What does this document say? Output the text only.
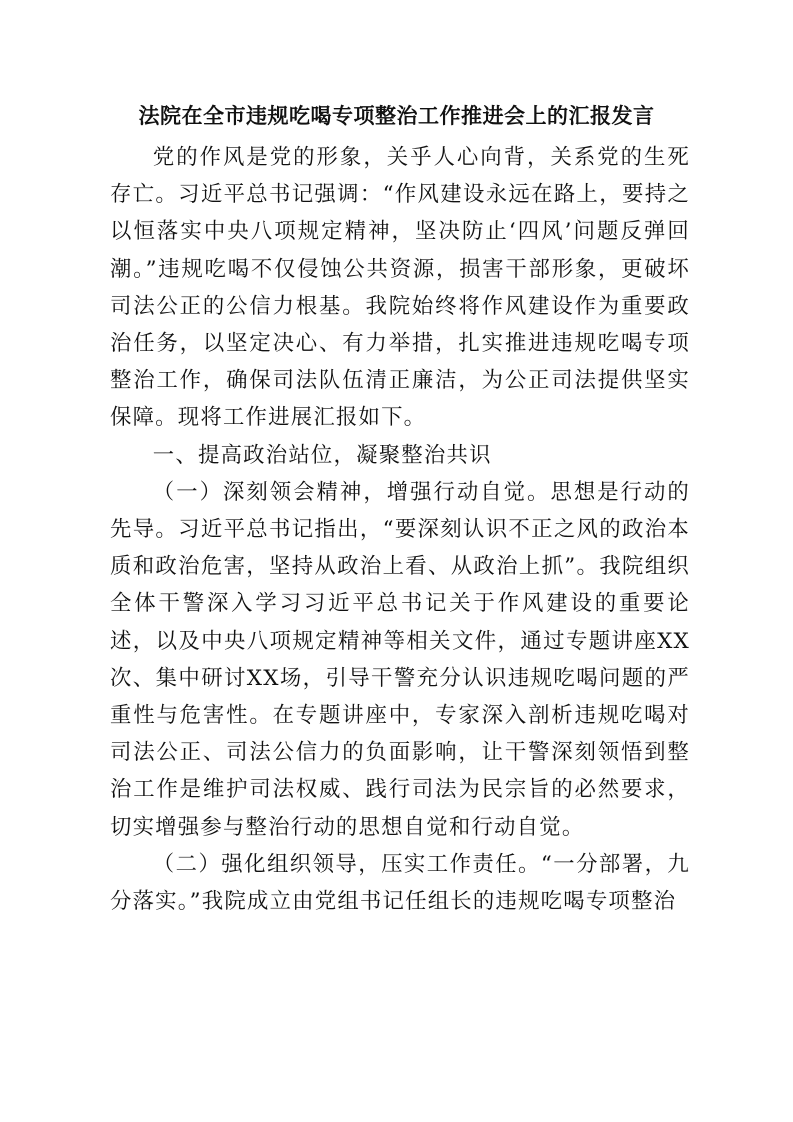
法院在全市违规吃喝专项整治工作推进会上的汇报发言

党的作风是党的形象，关乎人心向背，关系党的生死存亡。习近平总书记强调：“作风建设永远在路上，要持之以恒落实中央八项规定精神，坚决防止‘四风’问题反弹回潮。”违规吃喝不仅侵蚀公共资源，损害干部形象，更破坏司法公正的公信力根基。我院始终将作风建设作为重要政治任务，以坚定决心、有力举措，扎实推进违规吃喝专项整治工作，确保司法队伍清正廉洁，为公正司法提供坚实保障。现将工作进展汇报如下。

一、提高政治站位，凝聚整治共识

（一）深刻领会精神，增强行动自觉。思想是行动的先导。习近平总书记指出，“要深刻认识不正之风的政治本质和政治危害，坚持从政治上看、从政治上抓”。我院组织全体干警深入学习习近平总书记关于作风建设的重要论述，以及中央八项规定精神等相关文件，通过专题讲座XX次、集中研讨XX场，引导干警充分认识违规吃喝问题的严重性与危害性。在专题讲座中，专家深入剖析违规吃喝对司法公正、司法公信力的负面影响，让干警深刻领悟到整治工作是维护司法权威、践行司法为民宗旨的必然要求，切实增强参与整治行动的思想自觉和行动自觉。

（二）强化组织领导，压实工作责任。“一分部署，九分落实。”我院成立由党组书记任组长的违规吃喝专项整治
